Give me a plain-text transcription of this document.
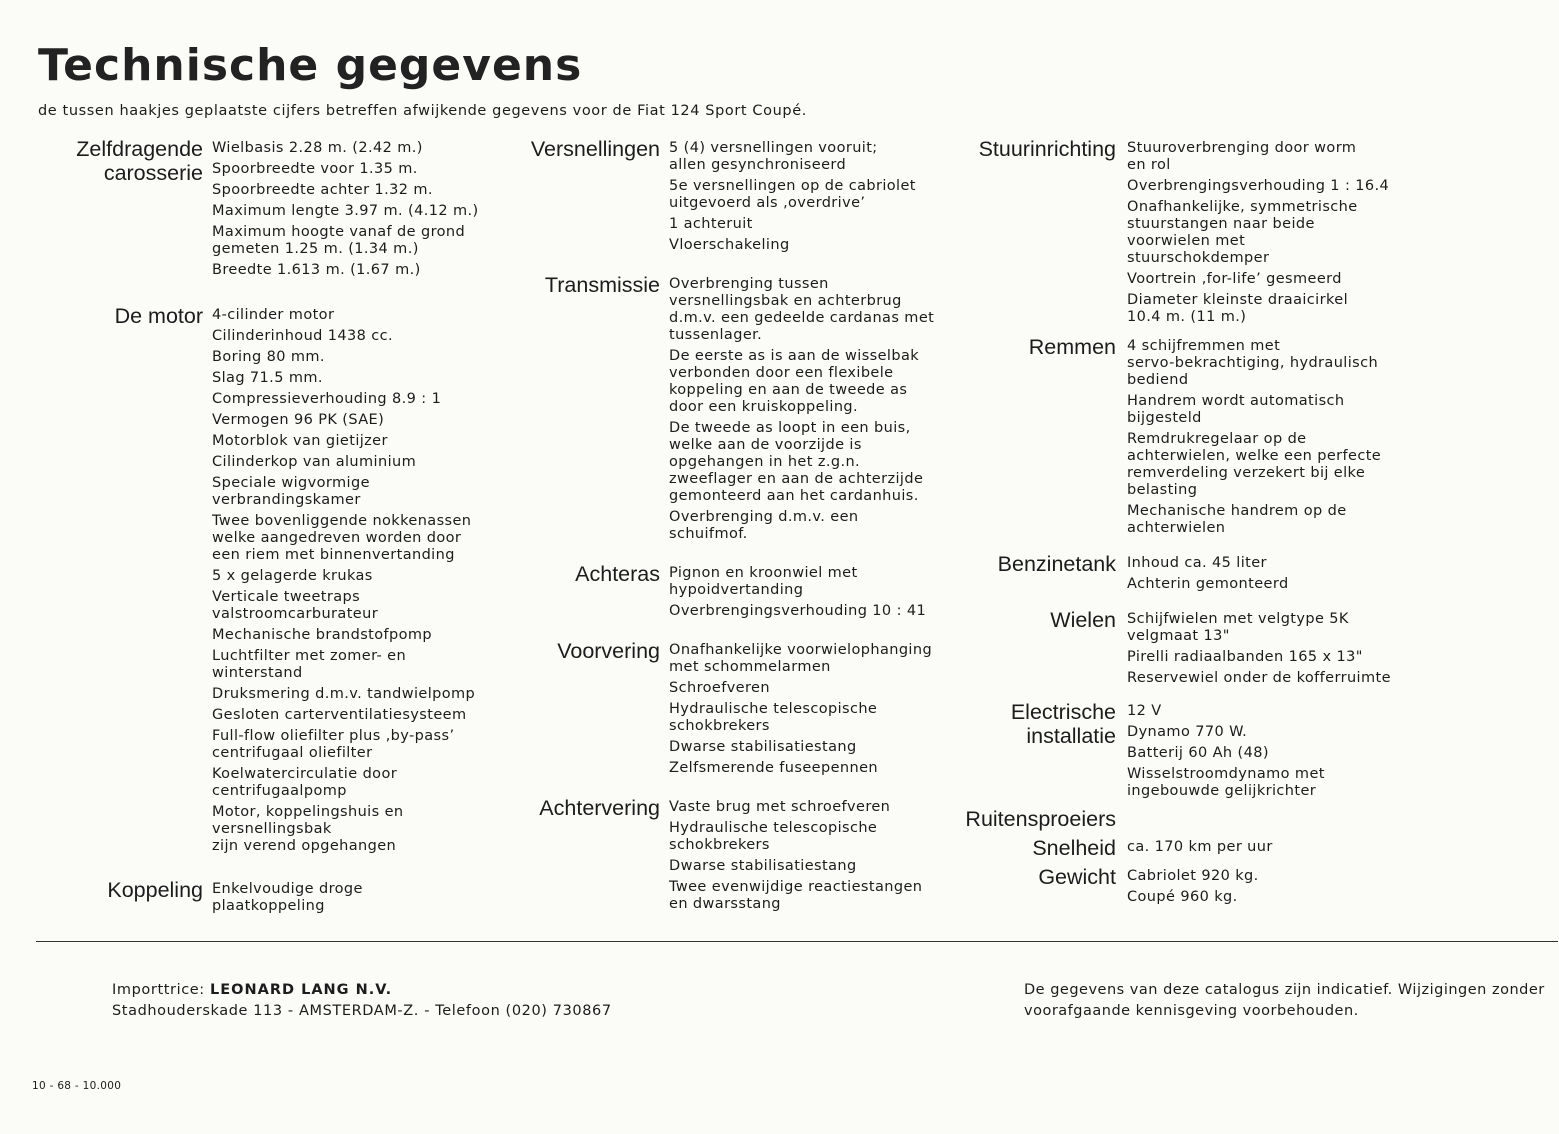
Technische gegevens
de tussen haakjes geplaatste cijfers betreffen afwijkende gegevens voor de Fiat 124 Sport Coupé.
Zelfdragende
carosserie
Wielbasis 2.28 m. (2.42 m.)
Spoorbreedte voor 1.35 m.
Spoorbreedte achter 1.32 m.
Maximum lengte 3.97 m. (4.12 m.)
Maximum hoogte vanaf de grond
gemeten 1.25 m. (1.34 m.)
Breedte 1.613 m. (1.67 m.)
De motor 4-cilinder motor
Cilinderinhoud 1438 cc.
Boring 80 mm.
Slag 71.5 mm.
Compressieverhouding 8.9 : 1
Vermogen 96 PK (SAE)
Motorblok van gietijzer
Cilinderkop van aluminium
Speciale wigvormige
verbrandingskamer
Twee bovenliggende nokkenassen
welke aangedreven worden door
een riem met binnenvertanding
5 x gelagerde krukas
Verticale tweetraps
valstroomcarburateur
Mechanische brandstofpomp
Luchtfilter met zomer- en
winterstand
Druksmering d.m.v. tandwielpomp
Gesloten carterventilatiesysteem
Full-flow oliefilter plus ‚by-pass’
centrifugaal oliefilter
Koelwatercirculatie door
centrifugaalpomp
Motor, koppelingshuis en
versnellingsbak
zijn verend opgehangen
Koppeling Enkelvoudige droge
plaatkoppeling
Versnellingen 5 (4) versnellingen vooruit;
allen gesynchroniseerd
5e versnellingen op de cabriolet
uitgevoerd als ‚overdrive’
1 achteruit
Vloerschakeling
Transmissie Overbrenging tussen
versnellingsbak en achterbrug
d.m.v. een gedeelde cardanas met
tussenlager.
De eerste as is aan de wisselbak
verbonden door een flexibele
koppeling en aan de tweede as
door een kruiskoppeling.
De tweede as loopt in een buis,
welke aan de voorzijde is
opgehangen in het z.g.n.
zweeflager en aan de achterzijde
gemonteerd aan het cardanhuis.
Overbrenging d.m.v. een
schuifmof.
Achteras Pignon en kroonwiel met
hypoidvertanding
Overbrengingsverhouding 10 : 41
Voorvering Onafhankelijke voorwielophanging
met schommelarmen
Schroefveren
Hydraulische telescopische
schokbrekers
Dwarse stabilisatiestang
Zelfsmerende fuseepennen
Achtervering Vaste brug met schroefveren
Hydraulische telescopische
schokbrekers
Dwarse stabilisatiestang
Twee evenwijdige reactiestangen
en dwarsstang
Stuurinrichting Stuuroverbrenging door worm
en rol
Overbrengingsverhouding 1 : 16.4
Onafhankelijke, symmetrische
stuurstangen naar beide
voorwielen met
stuurschokdemper
Voortrein ‚for-life’ gesmeerd
Diameter kleinste draaicirkel
10.4 m. (11 m.)
Remmen 4 schijfremmen met
servo-bekrachtiging, hydraulisch
bediend
Handrem wordt automatisch
bijgesteld
Remdrukregelaar op de
achterwielen, welke een perfecte
remverdeling verzekert bij elke
belasting
Mechanische handrem op de
achterwielen
Benzinetank Inhoud ca. 45 liter
Achterin gemonteerd
Wielen Schijfwielen met velgtype 5K
velgmaat 13"
Pirelli radiaalbanden 165 x 13"
Reservewiel onder de kofferruimte
Electrische
installatie
12 V
Dynamo 770 W.
Batterij 60 Ah (48)
Wisselstroomdynamo met
ingebouwde gelijkrichter
Ruitensproeiers
Snelheid ca. 170 km per uur
Gewicht Cabriolet 920 kg.
Coupé 960 kg.
Importtrice: LEONARD LANG N.V.
Stadhouderskade 113 - AMSTERDAM-Z. - Telefoon (020) 730867
De gegevens van deze catalogus zijn indicatief. Wijzigingen zonder
voorafgaande kennisgeving voorbehouden.
10 - 68 - 10.000
